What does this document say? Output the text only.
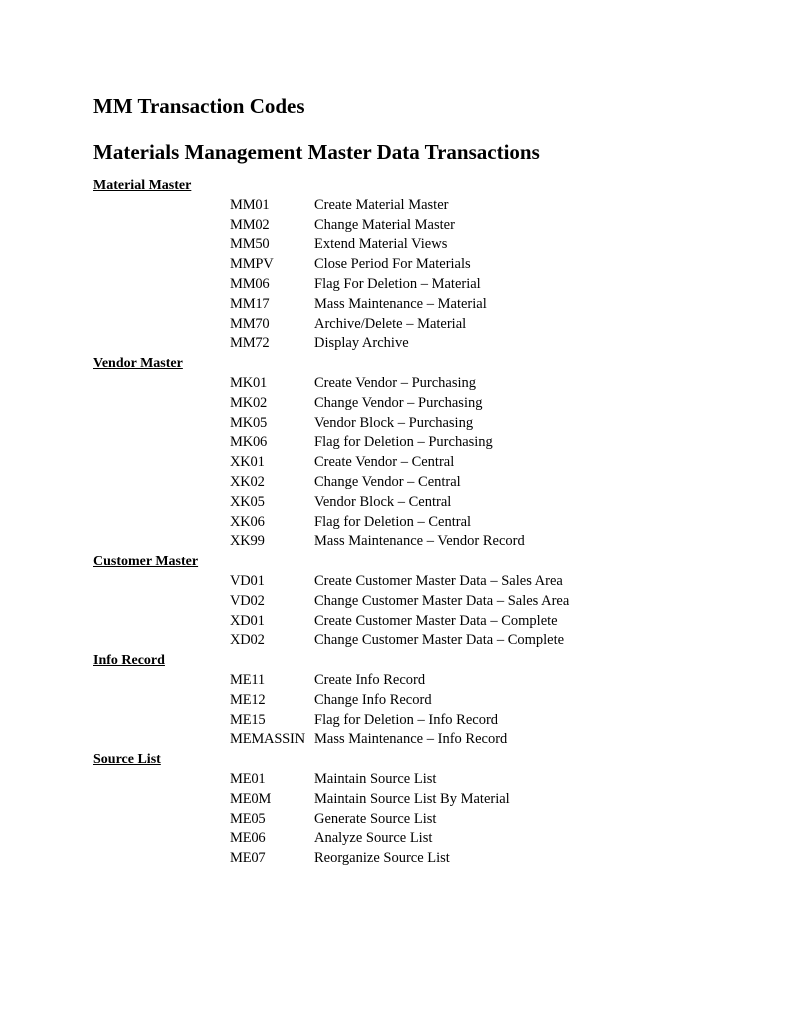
MM Transaction Codes
Materials Management Master Data Transactions
Material Master
MM01	Create Material Master
MM02	Change Material Master
MM50	Extend Material Views
MMPV	Close Period For Materials
MM06	Flag For Deletion – Material
MM17	Mass Maintenance – Material
MM70	Archive/Delete – Material
MM72	Display Archive
Vendor Master
MK01	Create Vendor – Purchasing
MK02	Change Vendor – Purchasing
MK05	Vendor Block – Purchasing
MK06	Flag for Deletion – Purchasing
XK01	Create Vendor – Central
XK02	Change Vendor – Central
XK05	Vendor Block – Central
XK06	Flag for Deletion – Central
XK99	Mass Maintenance – Vendor Record
Customer Master
VD01	Create Customer Master Data – Sales Area
VD02	Change Customer Master Data – Sales Area
XD01	Create Customer Master Data – Complete
XD02	Change Customer Master Data – Complete
Info Record
ME11	Create Info Record
ME12	Change Info Record
ME15	Flag for Deletion – Info Record
MEMASSIN Mass Maintenance – Info Record
Source List
ME01	Maintain Source List
ME0M	Maintain Source List By Material
ME05	Generate Source List
ME06	Analyze Source List
ME07	Reorganize Source List
